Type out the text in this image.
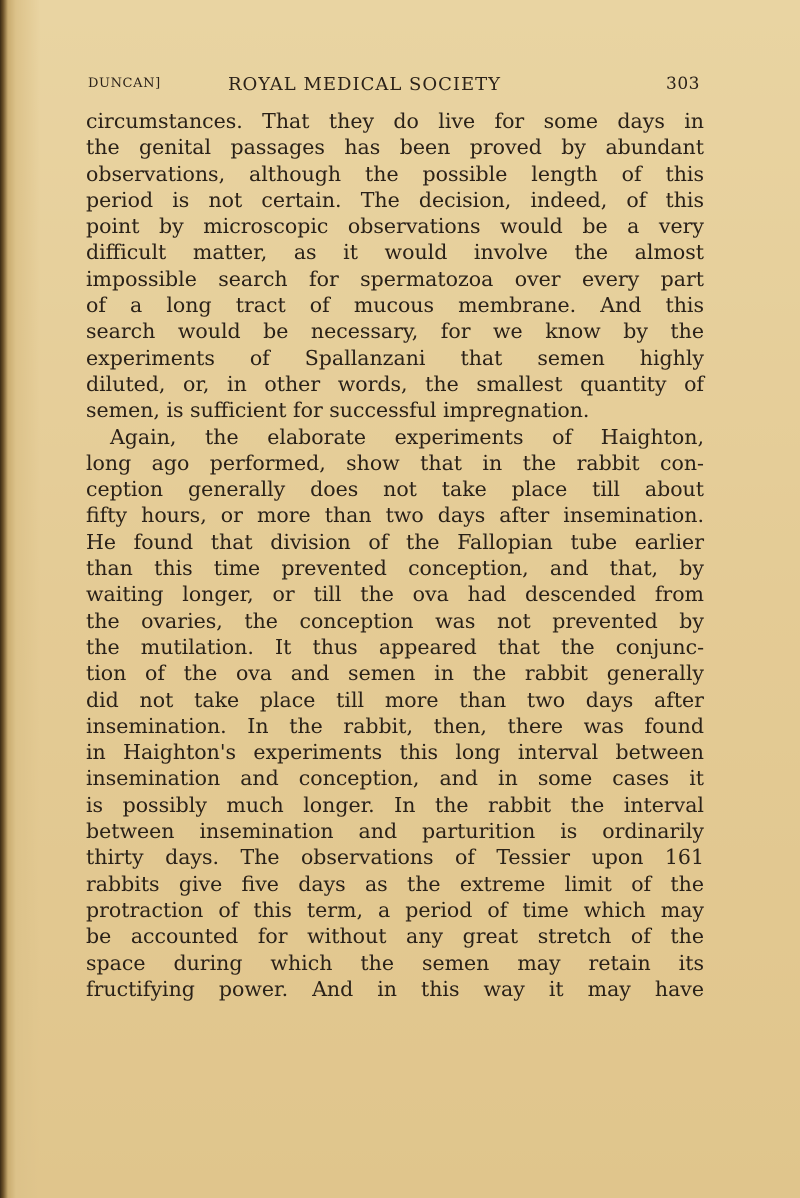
DUNCAN]	ROYAL MEDICAL SOCIETY	303
circumstances. That they do live for some days in
the genital passages has been proved by abundant
observations, although the possible length of this
period is not certain. The decision, indeed, of this
point by microscopic observations would be a very
difficult matter, as it would involve the almost
impossible search for spermatozoa over every part
of a long tract of mucous membrane. And this
search would be necessary, for we know by the
experiments of Spallanzani that semen highly
diluted, or, in other words, the smallest quantity of
semen, is sufficient for successful impregnation.
Again, the elaborate experiments of Haighton,
long ago performed, show that in the rabbit con-
ception generally does not take place till about
fifty hours, or more than two days after insemination.
He found that division of the Fallopian tube earlier
than this time prevented conception, and that, by
waiting longer, or till the ova had descended from
the ovaries, the conception was not prevented by
the mutilation. It thus appeared that the conjunc-
tion of the ova and semen in the rabbit generally
did not take place till more than two days after
insemination. In the rabbit, then, there was found
in Haighton's experiments this long interval between
insemination and conception, and in some cases it
is possibly much longer. In the rabbit the interval
between insemination and parturition is ordinarily
thirty days. The observations of Tessier upon 161
rabbits give five days as the extreme limit of the
protraction of this term, a period of time which may
be accounted for without any great stretch of the
space during which the semen may retain its
fructifying power. And in this way it may have
